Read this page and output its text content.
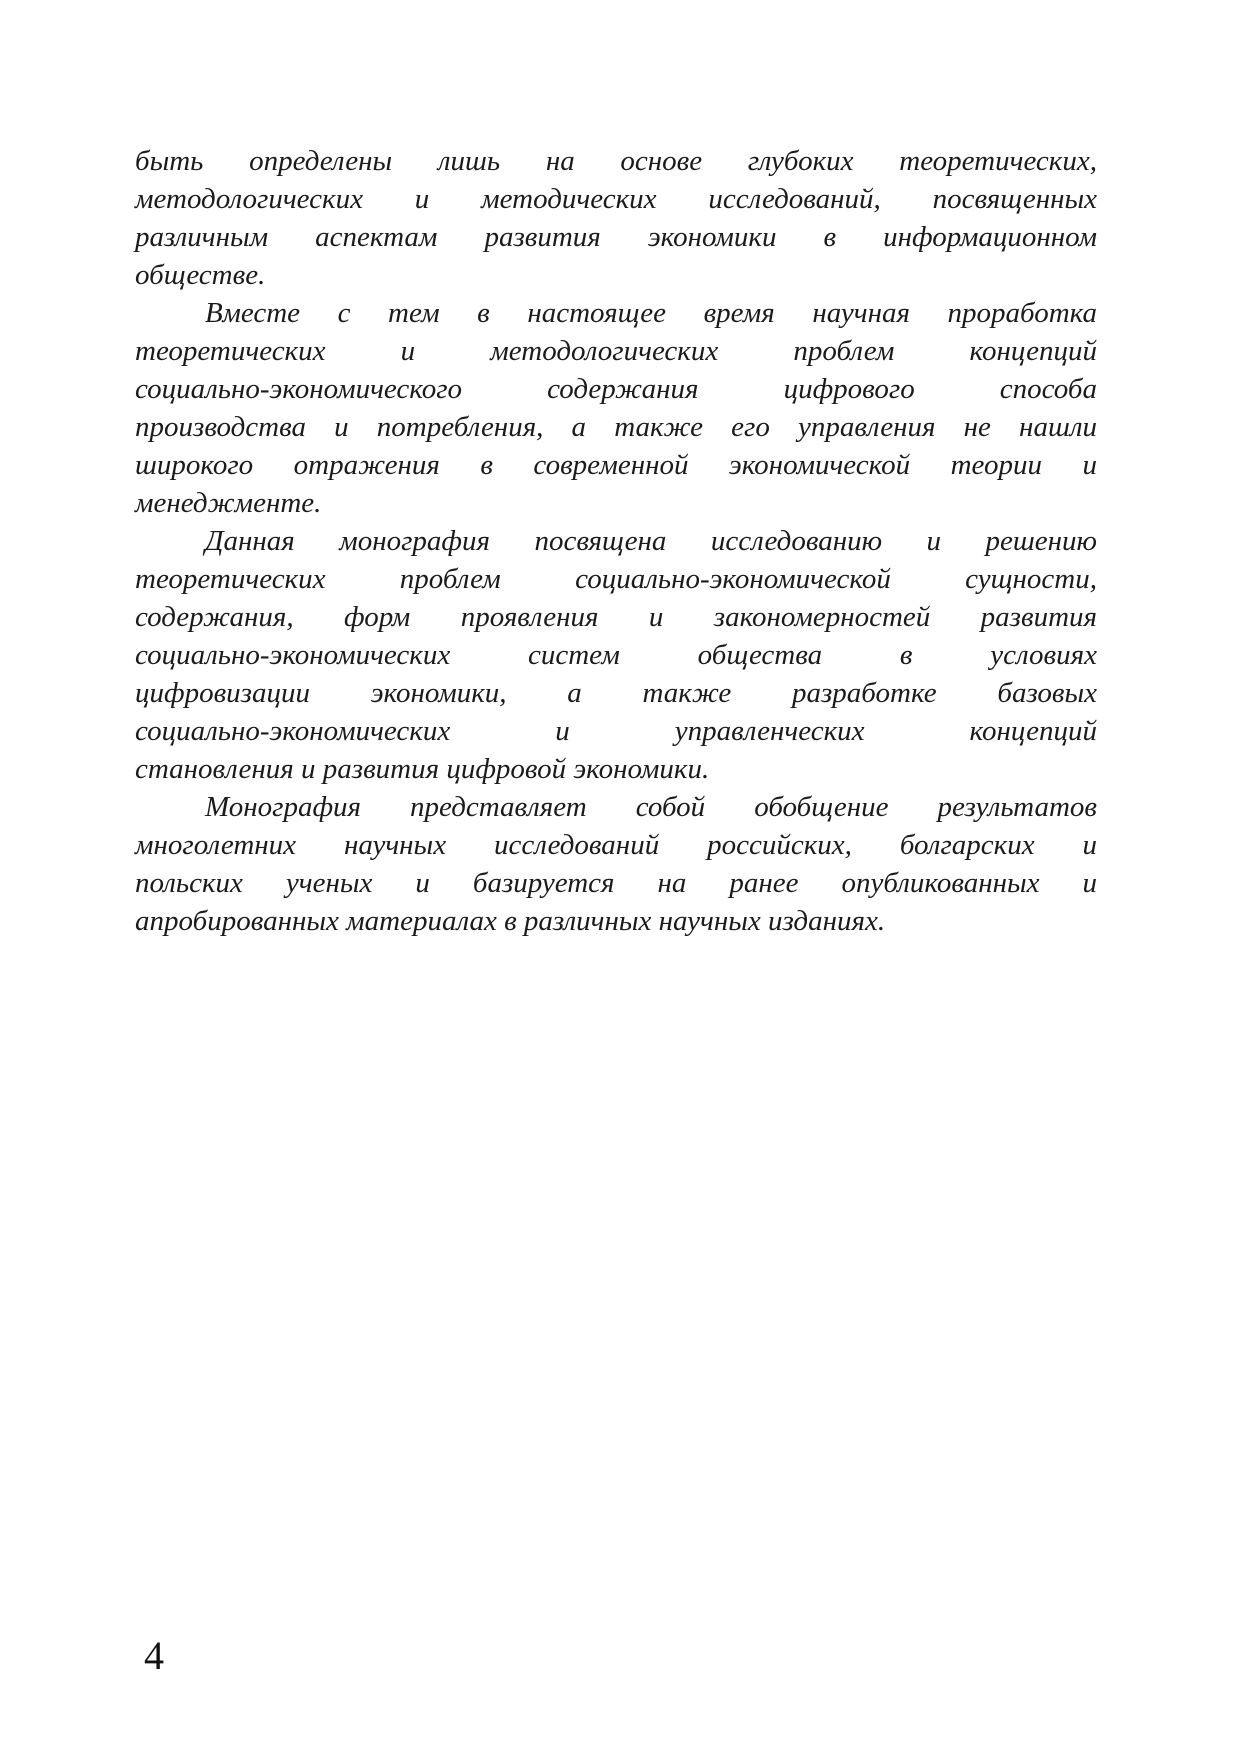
быть определены лишь на основе глубоких теоретических,
методологических и методических исследований, посвященных
различным аспектам развития экономики в информационном
обществе.
Вместе с тем в настоящее время научная проработка
теоретических и методологических проблем концепций
социально-экономического содержания цифрового способа
производства и потребления, а также его управления не нашли
широкого отражения в современной экономической теории и
менеджменте.
Данная монография посвящена исследованию и решению
теоретических проблем социально-экономической сущности,
содержания, форм проявления и закономерностей развития
социально-экономических систем общества в условиях
цифровизации экономики, а также разработке базовых
социально-экономических и управленческих концепций
становления и развития цифровой экономики.
Монография представляет собой обобщение результатов
многолетних научных исследований российских, болгарских и
польских ученых и базируется на ранее опубликованных и
апробированных материалах в различных научных изданиях.
4
